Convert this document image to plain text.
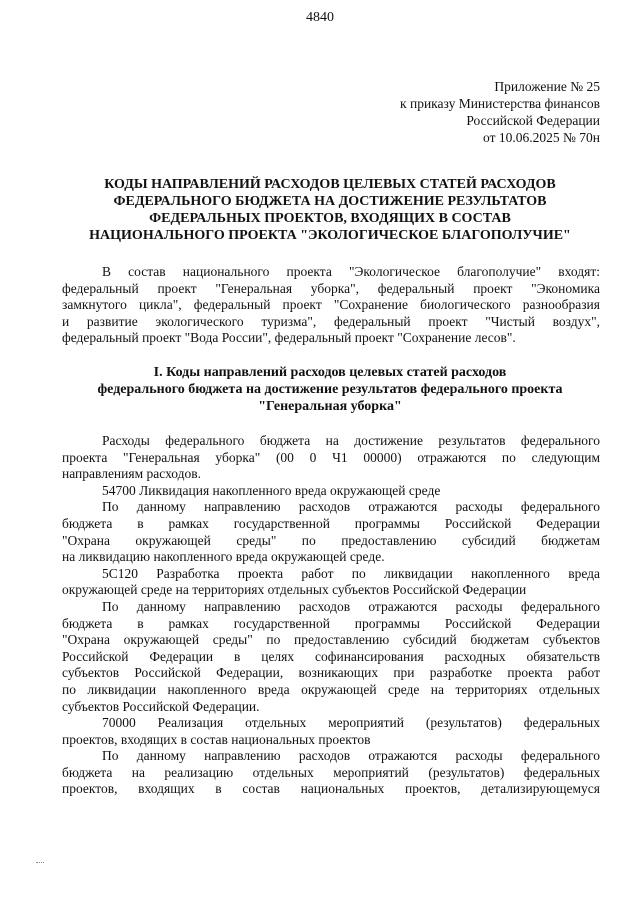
4840
Приложение № 25
к приказу Министерства финансов
Российской Федерации
от 10.06.2025 № 70н
КОДЫ НАПРАВЛЕНИЙ РАСХОДОВ ЦЕЛЕВЫХ СТАТЕЙ РАСХОДОВ
ФЕДЕРАЛЬНОГО БЮДЖЕТА НА ДОСТИЖЕНИЕ РЕЗУЛЬТАТОВ
ФЕДЕРАЛЬНЫХ ПРОЕКТОВ, ВХОДЯЩИХ В СОСТАВ
НАЦИОНАЛЬНОГО ПРОЕКТА "ЭКОЛОГИЧЕСКОЕ БЛАГОПОЛУЧИЕ"

В состав национального проекта "Экологическое благополучие" входят:

федеральный проект "Генеральная уборка", федеральный проект "Экономика

замкнутого цикла", федеральный проект "Сохранение биологического разнообразия

и развитие экологического туризма", федеральный проект "Чистый воздух",

федеральный проект "Вода России", федеральный проект "Сохранение лесов".

I. Коды направлений расходов целевых статей расходов
федерального бюджета на достижение результатов федерального проекта
"Генеральная уборка"

Расходы федерального бюджета на достижение результатов федерального

проекта "Генеральная уборка" (00 0 Ч1 00000) отражаются по следующим

направлениям расходов.

54700 Ликвидация накопленного вреда окружающей среде

По данному направлению расходов отражаются расходы федерального

бюджета в рамках государственной программы Российской Федерации

"Охрана окружающей среды" по предоставлению субсидий бюджетам

на ликвидацию накопленного вреда окружающей среде.

5С120 Разработка проекта работ по ликвидации накопленного вреда

окружающей среде на территориях отдельных субъектов Российской Федерации

По данному направлению расходов отражаются расходы федерального

бюджета в рамках государственной программы Российской Федерации

"Охрана окружающей среды" по предоставлению субсидий бюджетам субъектов

Российской Федерации в целях софинансирования расходных обязательств

субъектов Российской Федерации, возникающих при разработке проекта работ

по ликвидации накопленного вреда окружающей среде на территориях отдельных

субъектов Российской Федерации.

70000 Реализация отдельных мероприятий (результатов) федеральных

проектов, входящих в состав национальных проектов

По данному направлению расходов отражаются расходы федерального

бюджета на реализацию отдельных мероприятий (результатов) федеральных

проектов, входящих в состав национальных проектов, детализирующемуся
